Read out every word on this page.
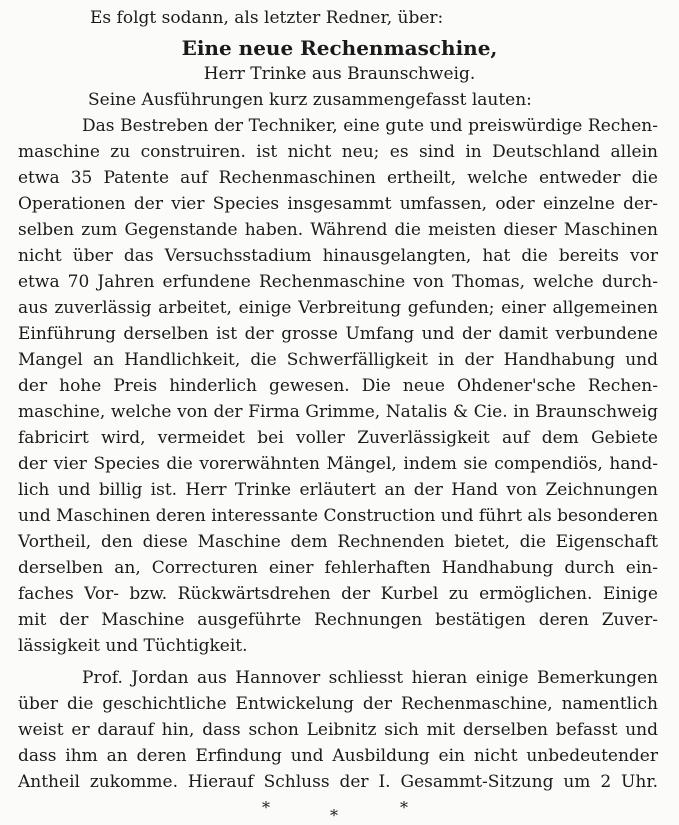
Es folgt sodann, als letzter Redner, über:
Eine neue Rechenmaschine,
Herr Trinke aus Braunschweig.
Seine Ausführungen kurz zusammengefasst lauten:
Das Bestreben der Techniker, eine gute und preiswürdige Rechen-
maschine zu construiren. ist nicht neu; es sind in Deutschland allein
etwa 35 Patente auf Rechenmaschinen ertheilt, welche entweder die
Operationen der vier Species insgesammt umfassen, oder einzelne der-
selben zum Gegenstande haben. Während die meisten dieser Maschinen
nicht über das Versuchsstadium hinausgelangten, hat die bereits vor
etwa 70 Jahren erfundene Rechenmaschine von Thomas, welche durch-
aus zuverlässig arbeitet, einige Verbreitung gefunden; einer allgemeinen
Einführung derselben ist der grosse Umfang und der damit verbundene
Mangel an Handlichkeit, die Schwerfälligkeit in der Handhabung und
der hohe Preis hinderlich gewesen. Die neue Ohdener'sche Rechen-
maschine, welche von der Firma Grimme, Natalis & Cie. in Braunschweig
fabricirt wird, vermeidet bei voller Zuverlässigkeit auf dem Gebiete
der vier Species die vorerwähnten Mängel, indem sie compendiös, hand-
lich und billig ist. Herr Trinke erläutert an der Hand von Zeichnungen
und Maschinen deren interessante Construction und führt als besonderen
Vortheil, den diese Maschine dem Rechnenden bietet, die Eigenschaft
derselben an, Correcturen einer fehlerhaften Handhabung durch ein-
faches Vor- bzw. Rückwärtsdrehen der Kurbel zu ermöglichen. Einige
mit der Maschine ausgeführte Rechnungen bestätigen deren Zuver-
lässigkeit und Tüchtigkeit.
Prof. Jordan aus Hannover schliesst hieran einige Bemerkungen
über die geschichtliche Entwickelung der Rechenmaschine, namentlich
weist er darauf hin, dass schon Leibnitz sich mit derselben befasst und
dass ihm an deren Erfindung und Ausbildung ein nicht unbedeutender
Antheil zukomme. Hierauf Schluss der I. Gesammt-Sitzung um 2 Uhr.
*	*	*
